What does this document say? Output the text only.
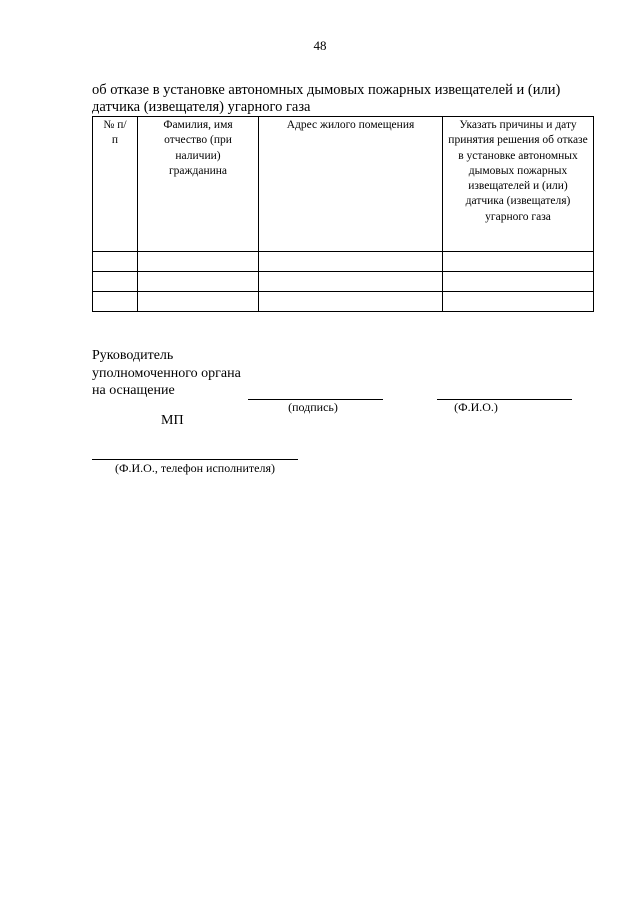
48
об отказе в установке автономных дымовых пожарных извещателей и (или)
датчика (извещателя) угарного газа
№ п/п	Фамилия, имя отчество (при наличии) гражданина	Адрес жилого помещения	Указать причины и дату принятия решения об отказе в установке автономных дымовых пожарных извещателей и (или) датчика (извещателя) угарного газа

Руководитель
уполномоченного органа
на оснащение
(подпись)	(Ф.И.О.)
МП
(Ф.И.О., телефон исполнителя)
